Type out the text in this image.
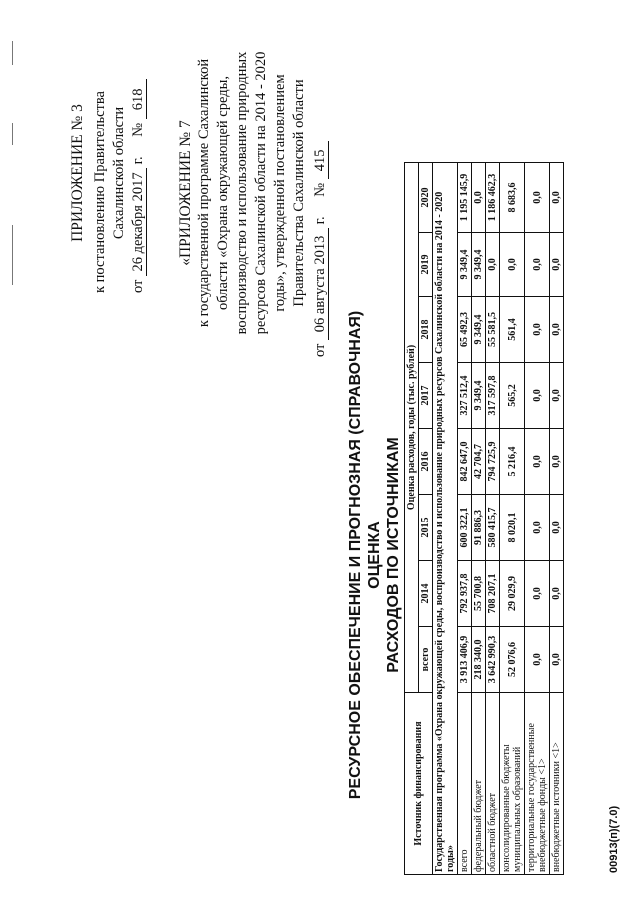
ПРИЛОЖЕНИЕ № 3 к постановлению Правительства Сахалинской области
от 26 декабря 2017 г. № 618
«ПРИЛОЖЕНИЕ № 7 к государственной программе Сахалинской области «Охрана окружающей среды, воспроизводство и использование природных ресурсов Сахалинской области на 2014 - 2020 годы», утвержденной постановлением Правительства Сахалинской области
от 06 августа 2013 г. № 415
РЕСУРСНОЕ ОБЕСПЕЧЕНИЕ И ПРОГНОЗНАЯ (СПРАВОЧНАЯ) ОЦЕНКА РАСХОДОВ ПО ИСТОЧНИКАМ
Источник финансирования	Оценка расходов, годы (тыс. рублей)							
	всего	2014	2015	2016	2017	2018	2019	2020
Государственная программа «Охрана окружающей среды, воспроизводство и использование природных ресурсов Сахалинской области на 2014 - 2020 годы»								
всего	3 913 406,9	792 937,8	600 322,1	842 647,0	327 512,4	65 492,3	9 349,4	1 195 145,9
федеральный бюджет	218 340,0	55 700,8	91 886,3	42 704,7	9 349,4	9 349,4	9 349,4	0,0
областной бюджет	3 642 990,3	708 207,1	580 415,7	794 725,9	317 597,8	55 581,5	0,0	1 186 462,3
консолидированные бюджеты муниципальных образований	52 076,6	29 029,9	8 020,1	5 216,4	565,2	561,4	0,0	8 683,6
территориальные государственные внебюджетные фонды <1>	0,0	0,0	0,0	0,0	0,0	0,0	0,0	0,0
внебюджетные источники <1>	0,0	0,0	0,0	0,0	0,0	0,0	0,0	0,0
00913(п)(7.0)
